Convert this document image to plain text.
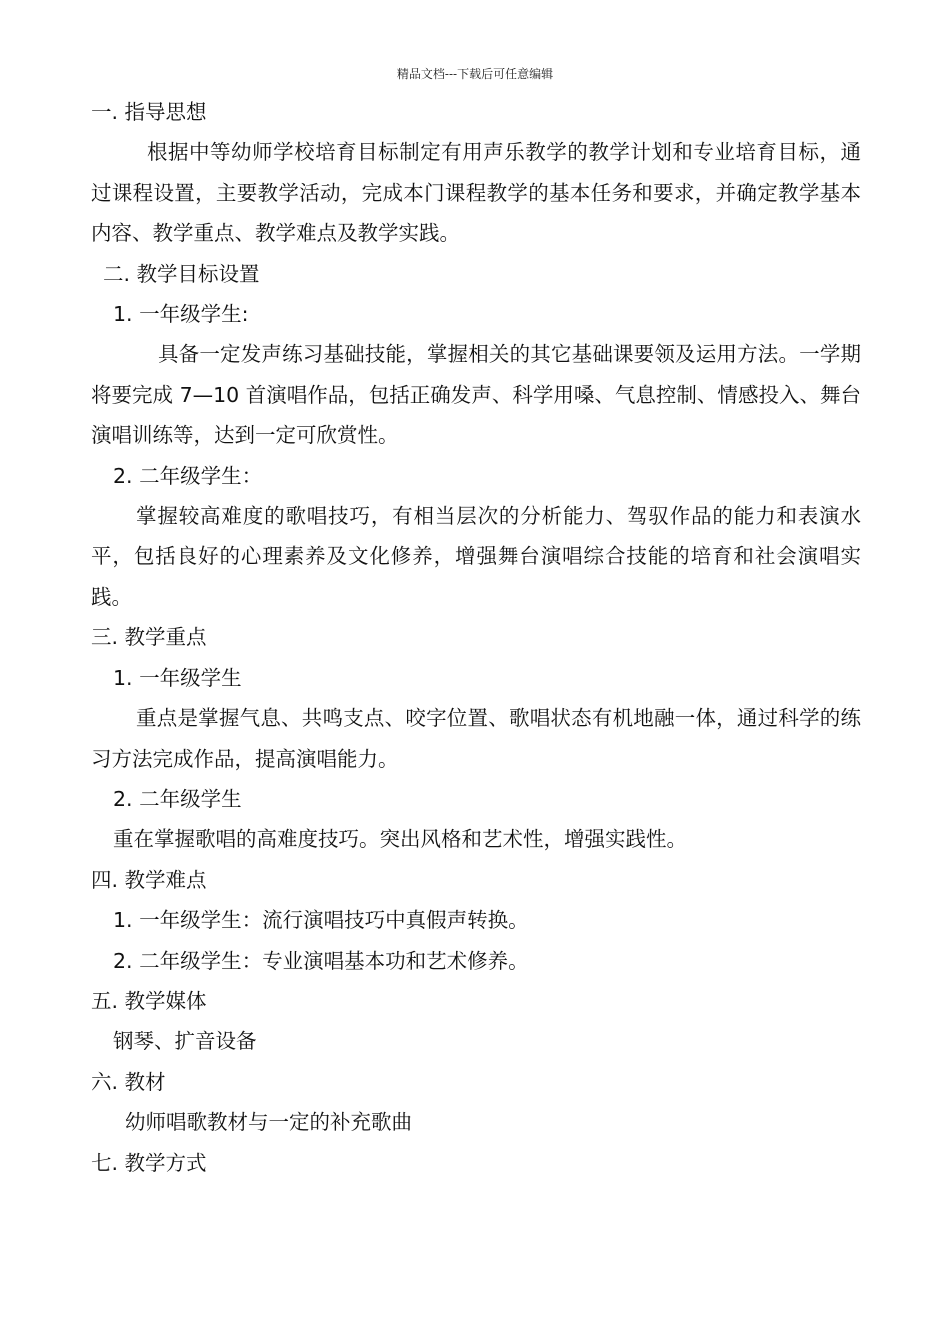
精品文档---下载后可任意编辑

一. 指导思想

根据中等幼师学校培育目标制定有用声乐教学的教学计划和专业培育目标，通过课程设置，主要教学活动，完成本门课程教学的基本任务和要求，并确定教学基本内容、教学重点、教学难点及教学实践。

二. 教学目标设置

1. 一年级学生:

具备一定发声练习基础技能，掌握相关的其它基础课要领及运用方法。一学期将要完成 7—10 首演唱作品，包括正确发声、科学用嗓、气息控制、情感投入、舞台演唱训练等，达到一定可欣赏性。

2. 二年级学生：

掌握较高难度的歌唱技巧，有相当层次的分析能力、驾驭作品的能力和表演水平，包括良好的心理素养及文化修养，增强舞台演唱综合技能的培育和社会演唱实践。

三. 教学重点

1. 一年级学生

重点是掌握气息、共鸣支点、咬字位置、歌唱状态有机地融一体，通过科学的练习方法完成作品，提高演唱能力。

2. 二年级学生

重在掌握歌唱的高难度技巧。突出风格和艺术性，增强实践性。

四. 教学难点

1. 一年级学生：流行演唱技巧中真假声转换。

2. 二年级学生：专业演唱基本功和艺术修养。

五. 教学媒体

钢琴、扩音设备

六. 教材

幼师唱歌教材与一定的补充歌曲

七. 教学方式
